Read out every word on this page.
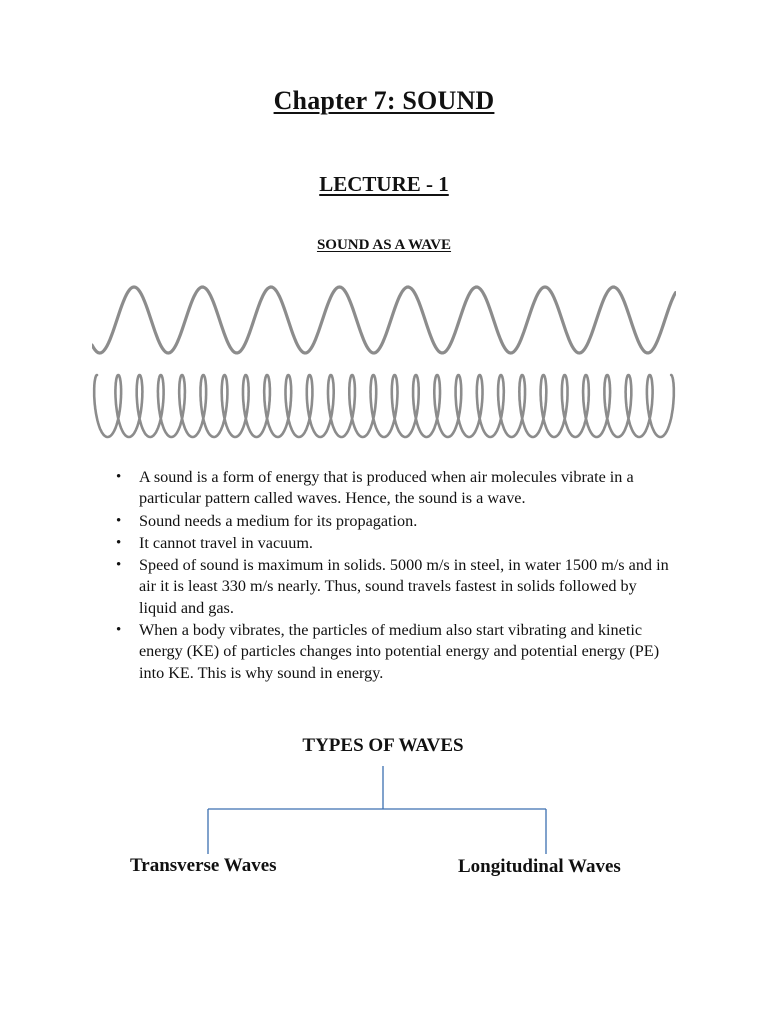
Chapter 7: SOUND
LECTURE - 1
SOUND AS A WAVE
• A sound is a form of energy that is produced when air molecules vibrate in a particular pattern called waves. Hence, the sound is a wave.
• Sound needs a medium for its propagation.
• It cannot travel in vacuum.
• Speed of sound is maximum in solids. 5000 m/s in steel, in water 1500 m/s and in air it is least 330 m/s nearly. Thus, sound travels fastest in solids followed by liquid and gas.
• When a body vibrates, the particles of medium also start vibrating and kinetic energy (KE) of particles changes into potential energy and potential energy (PE) into KE. This is why sound in energy.
TYPES OF WAVES
Transverse Waves	Longitudinal Waves
